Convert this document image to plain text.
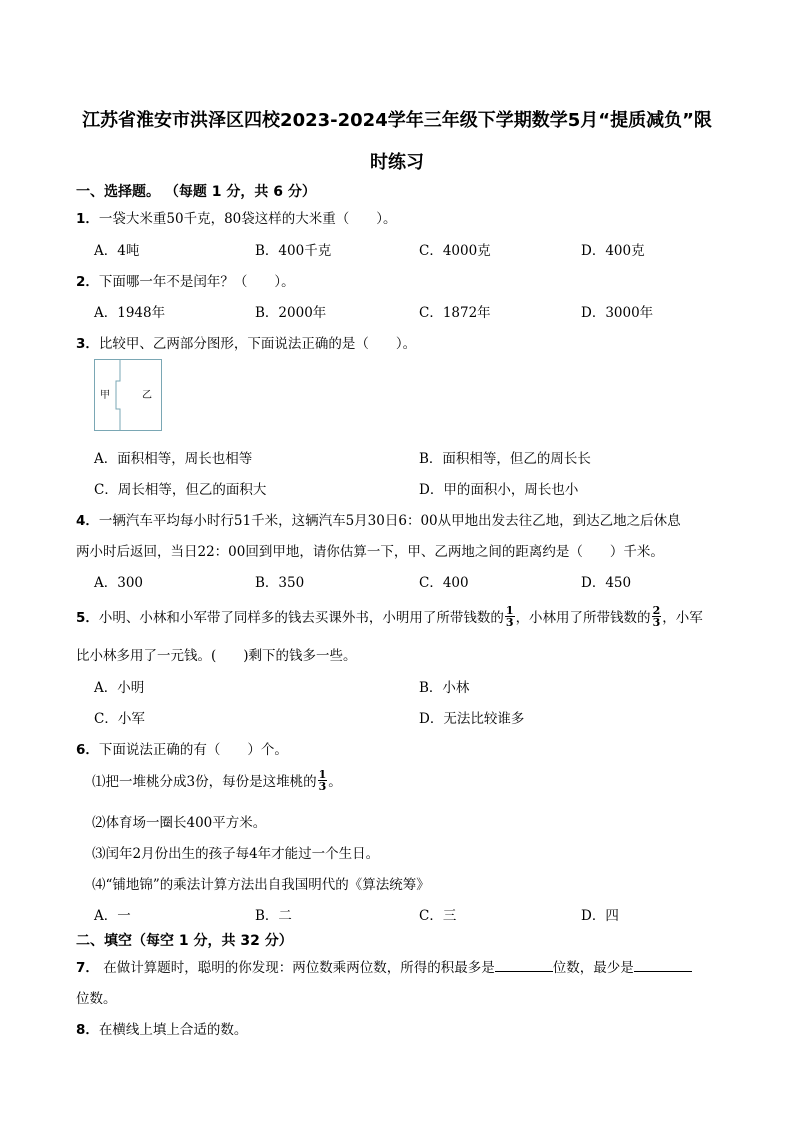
江苏省淮安市洪泽区四校2023-2024学年三年级下学期数学5月“提质减负”限
时练习
一、选择题。 （每题 1 分，共 6 分）
1．一袋大米重50千克，80袋这样的大米重（　　）。
A．4吨	B．400千克	C．4000克	D．400克
2．下面哪一年不是闰年？（　　）。
A．1948年	B．2000年	C．1872年	D．3000年
3．比较甲、乙两部分图形，下面说法正确的是（　　）。
甲	乙
A．面积相等，周长也相等	B．面积相等，但乙的周长长
C．周长相等，但乙的面积大	D．甲的面积小，周长也小
4．一辆汽车平均每小时行51千米，这辆汽车5月30日6：00从甲地出发去往乙地，到达乙地之后休息
两小时后返回，当日22：00回到甲地，请你估算一下，甲、乙两地之间的距离约是（　　）千米。
A．300	B．350	C．400	D．450
5．小明、小林和小军带了同样多的钱去买课外书，小明用了所带钱数的 $\frac{1}{3}$ ，小林用了所带钱数的 $\frac{2}{3}$ ，小军
比小林多用了一元钱。(　　)剩下的钱多一些。
A．小明	B．小林
C．小军	D．无法比较谁多
6．下面说法正确的有（　　）个。
⑴把一堆桃分成3份，每份是这堆桃的 $\frac{1}{3}$ 。
⑵体育场一圈长400平方米。
⑶闰年2月份出生的孩子每4年才能过一个生日。
⑷“铺地锦”的乘法计算方法出自我国明代的《算法统筹》
A．一	B．二	C．三	D．四
二、填空（每空 1 分，共 32 分）
7． 在做计算题时，聪明的你发现：两位数乘两位数，所得的积最多是	位数，最少是
位数。
8．在横线上填上合适的数。
